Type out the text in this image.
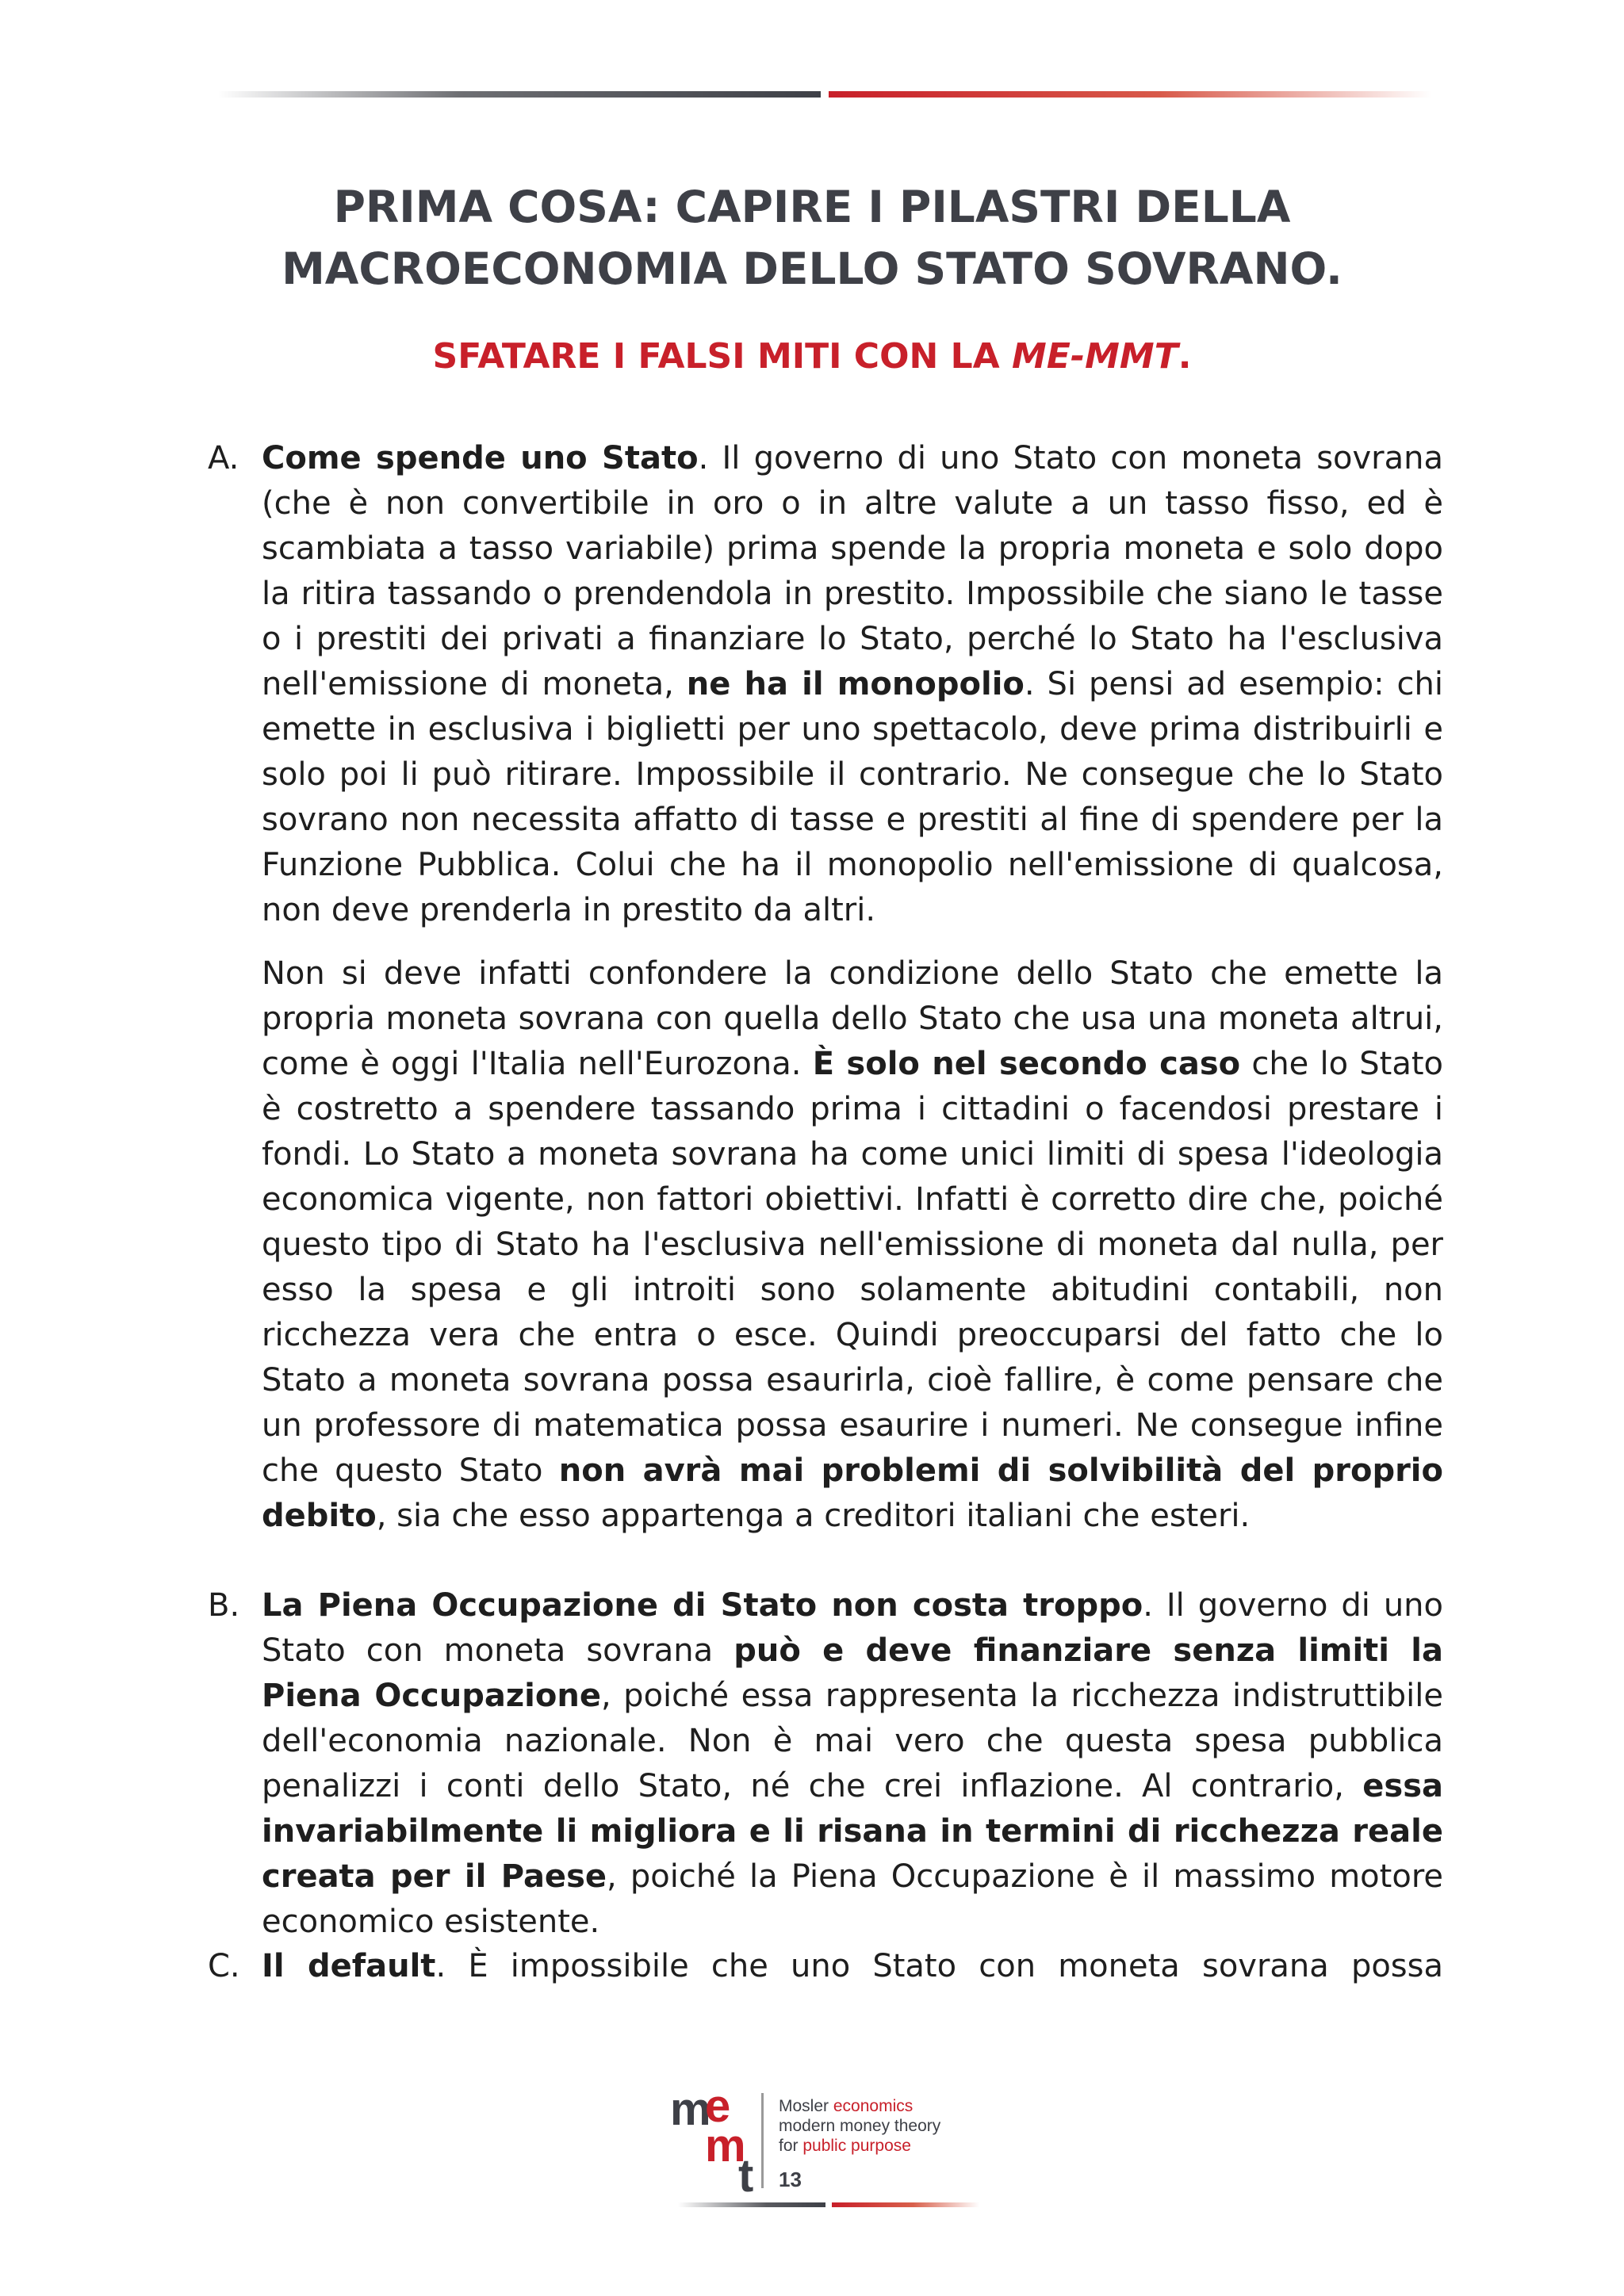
PRIMA COSA: CAPIRE I PILASTRI DELLA
MACROECONOMIA DELLO STATO SOVRANO.
SFATARE I FALSI MITI CON LA ME-MMT.
A. Come spende uno Stato. Il governo di uno Stato con moneta sovrana (che è non convertibile in oro o in altre valute a un tasso fisso, ed è scambiata a tasso variabile) prima spende la propria moneta e solo dopo la ritira tassando o prendendola in prestito. Impossibile che siano le tasse o i prestiti dei privati a finanziare lo Stato, perché lo Stato ha l'esclusiva nell'emissione di moneta, ne ha il monopolio. Si pensi ad esempio: chi emette in esclusiva i biglietti per uno spettacolo, deve prima distribuirli e solo poi li può ritirare. Impossibile il contrario. Ne consegue che lo Stato sovrano non necessita affatto di tasse e prestiti al fine di spendere per la Funzione Pubblica. Colui che ha il monopolio nell'emissione di qualcosa, non deve prenderla in prestito da altri.

Non si deve infatti confondere la condizione dello Stato che emette la propria moneta sovrana con quella dello Stato che usa una moneta altrui, come è oggi l'Italia nell'Eurozona. È solo nel secondo caso che lo Stato è costretto a spendere tassando prima i cittadini o facendosi prestare i fondi. Lo Stato a moneta sovrana ha come unici limiti di spesa l'ideologia economica vigente, non fattori obiettivi. Infatti è corretto dire che, poiché questo tipo di Stato ha l'esclusiva nell'emissione di moneta dal nulla, per esso la spesa e gli introiti sono solamente abitudini contabili, non ricchezza vera che entra o esce. Quindi preoccuparsi del fatto che lo Stato a moneta sovrana possa esaurirla, cioè fallire, è come pensare che un professore di matematica possa esaurire i numeri. Ne consegue infine che questo Stato non avrà mai problemi di solvibilità del proprio debito, sia che esso appartenga a creditori italiani che esteri.

B. La Piena Occupazione di Stato non costa troppo. Il governo di uno Stato con moneta sovrana può e deve finanziare senza limiti la Piena Occupazione, poiché essa rappresenta la ricchezza indistruttibile dell'economia nazionale. Non è mai vero che questa spesa pubblica penalizzi i conti dello Stato, né che crei inflazione. Al contrario, essa invariabilmente li migliora e li risana in termini di ricchezza reale creata per il Paese, poiché la Piena Occupazione è il massimo motore economico esistente.

C. Il default. È impossibile che uno Stato con moneta sovrana possa

m
e
m
t
Mosler economics
modern money theory
for public purpose
13
